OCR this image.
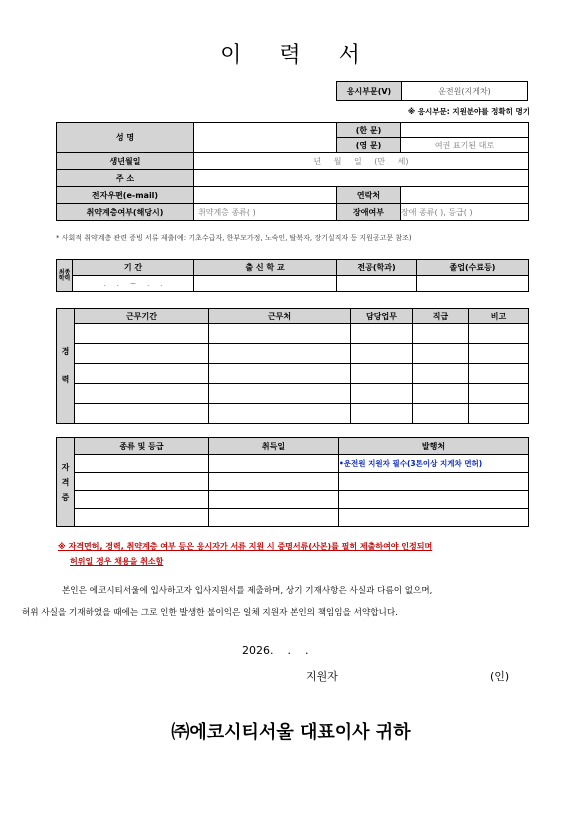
이 력 서
응시부문(V)	운전원(지게차)
※ 응시부문: 지원분야를 정확히 명기
성 명		(한 문)	
		(영 문)	여권 표기된 대로
생년월일	년 월 일 (만 세)		
주 소			
전자우편(e-mail)		연락처	
취약계층여부(해당시)	취약계층 종류( )	장애여부	장애 종류( ), 등급( )
* 사회적 취약계층 관련 증빙 서류 제출(예: 기초수급자, 한부모가정, 노숙인, 탈북자, 장기실직자 등 지원공고문 참조)
최종학력	기 간	출 신 학 교	전공(학과)	졸업(수료등)
	. . ~ . .			
경
력	근무기간	근무처	담당업무	직급	비고

자
격
증	종류 및 등급	취득일	발행처
			•운전원 지원자 필수(3톤이상 지게차 면허)

※ 자격면허, 경력, 취약계층 여부 등은 응시자가 서류 지원 시 증명서류(사본)를 필히 제출하여야 인정되며
허위일 경우 채용을 취소함
본인은 에코시티서울에 입사하고자 입사지원서를 제출하며, 상기 기재사항은 사실과 다름이 없으며,
허위 사실을 기재하였을 때에는 그로 인한 발생한 불이익은 일체 지원자 본인의 책임임을 서약합니다.
2026.    .    .
지원자	(인)
㈜에코시티서울 대표이사 귀하
